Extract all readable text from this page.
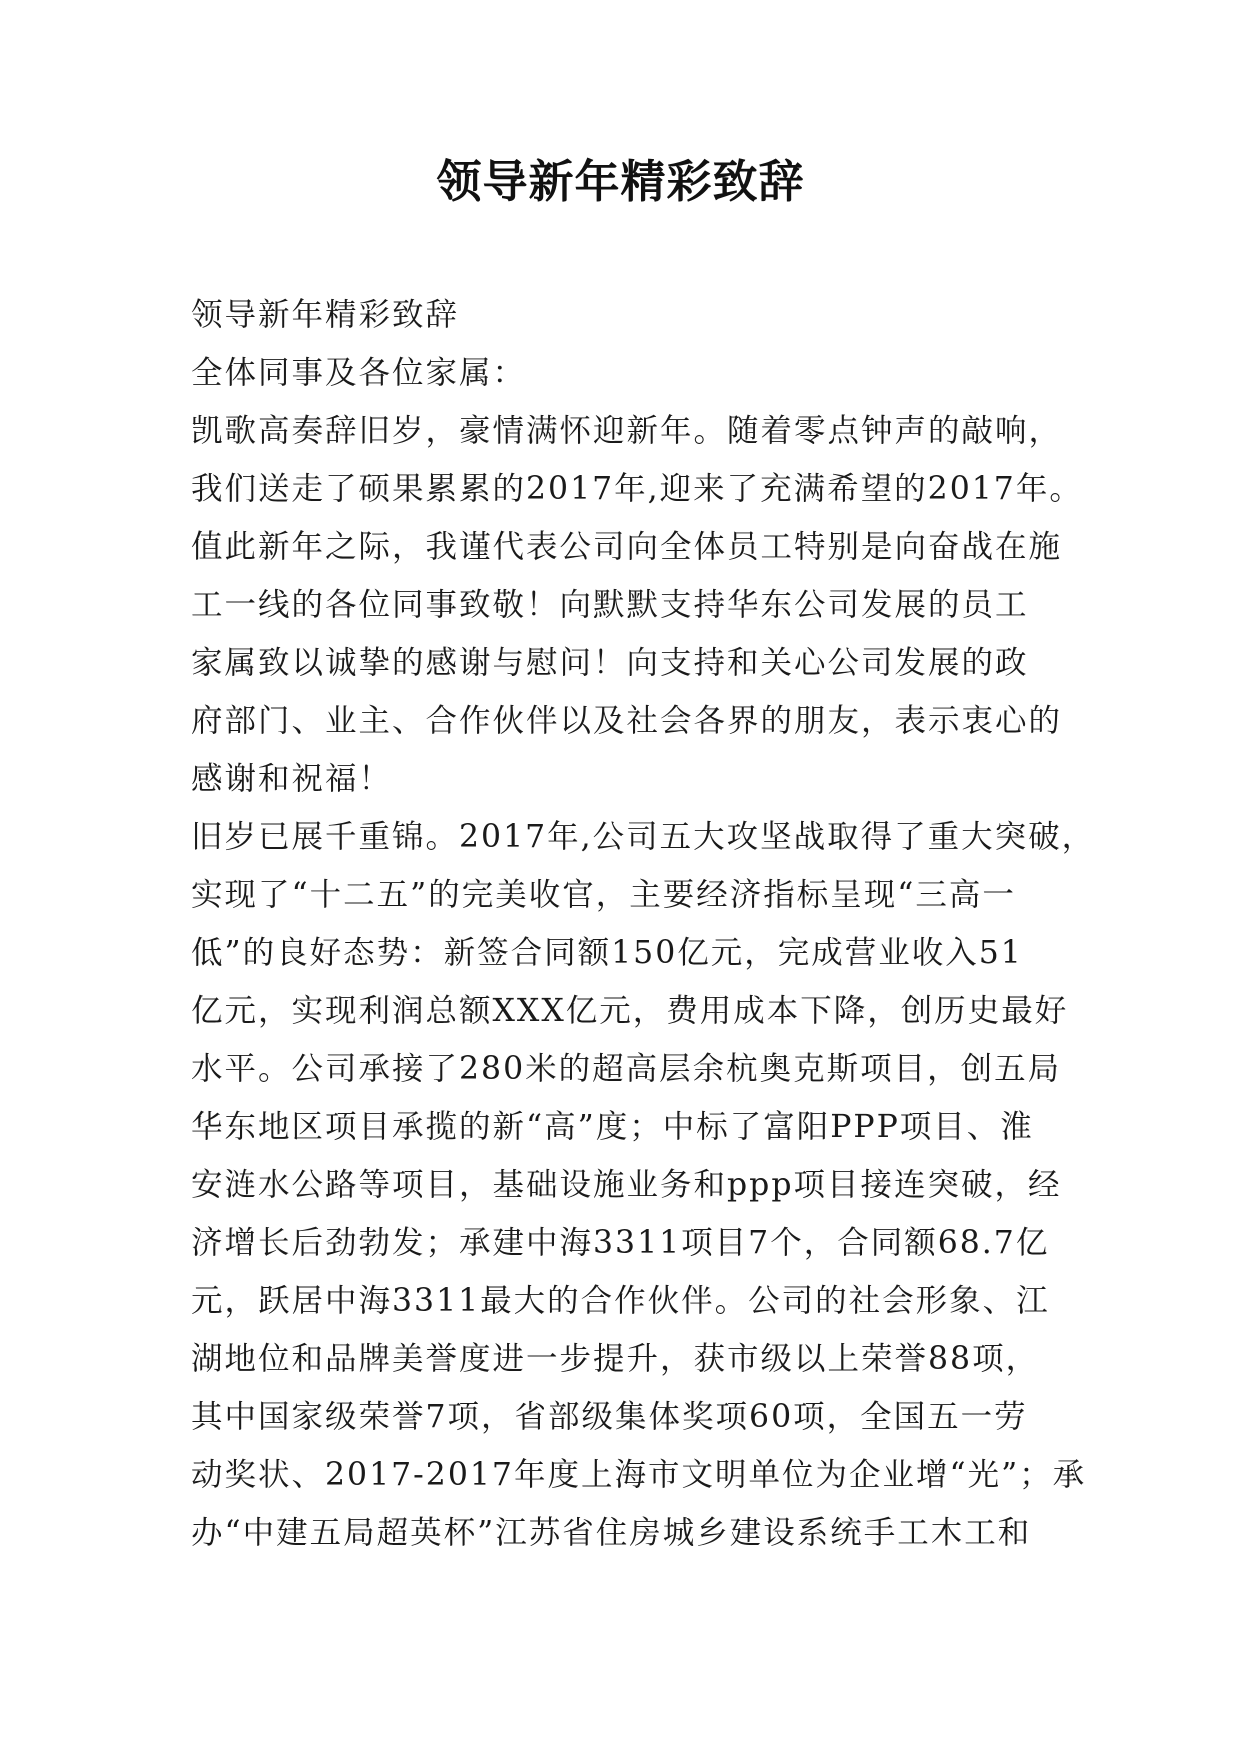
领导新年精彩致辞
领导新年精彩致辞
全体同事及各位家属：
凯歌高奏辞旧岁，豪情满怀迎新年。随着零点钟声的敲响，
我们送走了硕果累累的2017年,迎来了充满希望的2017年。
值此新年之际，我谨代表公司向全体员工特别是向奋战在施
工一线的各位同事致敬！向默默支持华东公司发展的员工
家属致以诚挚的感谢与慰问！向支持和关心公司发展的政
府部门、业主、合作伙伴以及社会各界的朋友，表示衷心的
感谢和祝福！
旧岁已展千重锦。2017年,公司五大攻坚战取得了重大突破，
实现了“十二五”的完美收官，主要经济指标呈现“三高一
低”的良好态势：新签合同额150亿元，完成营业收入51
亿元，实现利润总额XXX亿元，费用成本下降，创历史最好
水平。公司承接了280米的超高层余杭奥克斯项目，创五局
华东地区项目承揽的新“高”度；中标了富阳PPP项目、淮
安涟水公路等项目，基础设施业务和ppp项目接连突破，经
济增长后劲勃发；承建中海3311项目7个，合同额68.7亿
元，跃居中海3311最大的合作伙伴。公司的社会形象、江
湖地位和品牌美誉度进一步提升，获市级以上荣誉88项，
其中国家级荣誉7项，省部级集体奖项60项，全国五一劳
动奖状、2017-2017年度上海市文明单位为企业增“光”；承
办“中建五局超英杯”江苏省住房城乡建设系统手工木工和
